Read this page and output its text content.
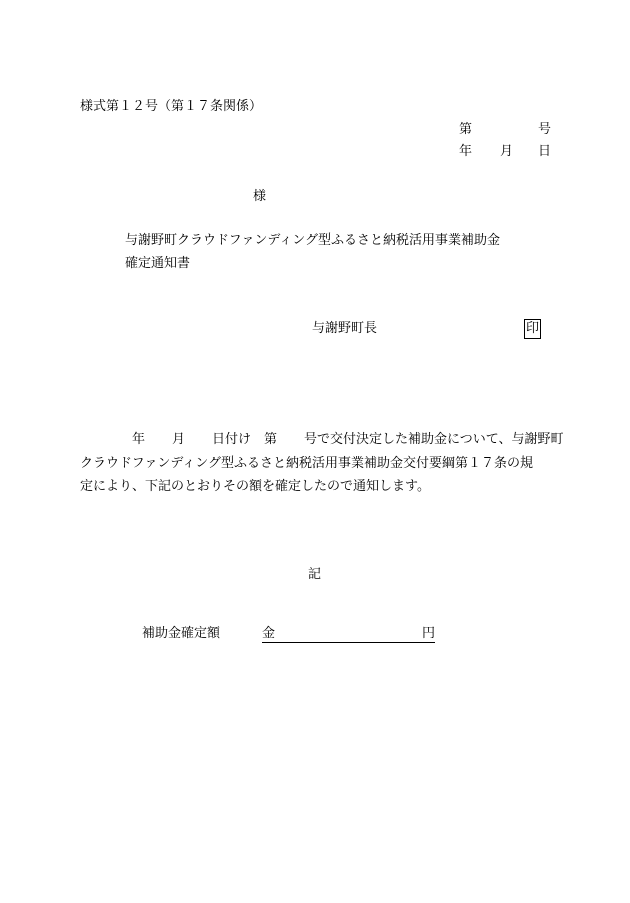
様式第１２号（第１７条関係）
第	号
年 月 日
様
与謝野町クラウドファンディング型ふるさと納税活用事業補助金
確定通知書
与謝野町長	印
年 月 日付け 第 号で交付決定した補助金について、与謝野町
クラウドファンディング型ふるさと納税活用事業補助金交付要綱第１７条の規
定により、下記のとおりその額を確定したので通知します。
記
補助金確定額	金	円
